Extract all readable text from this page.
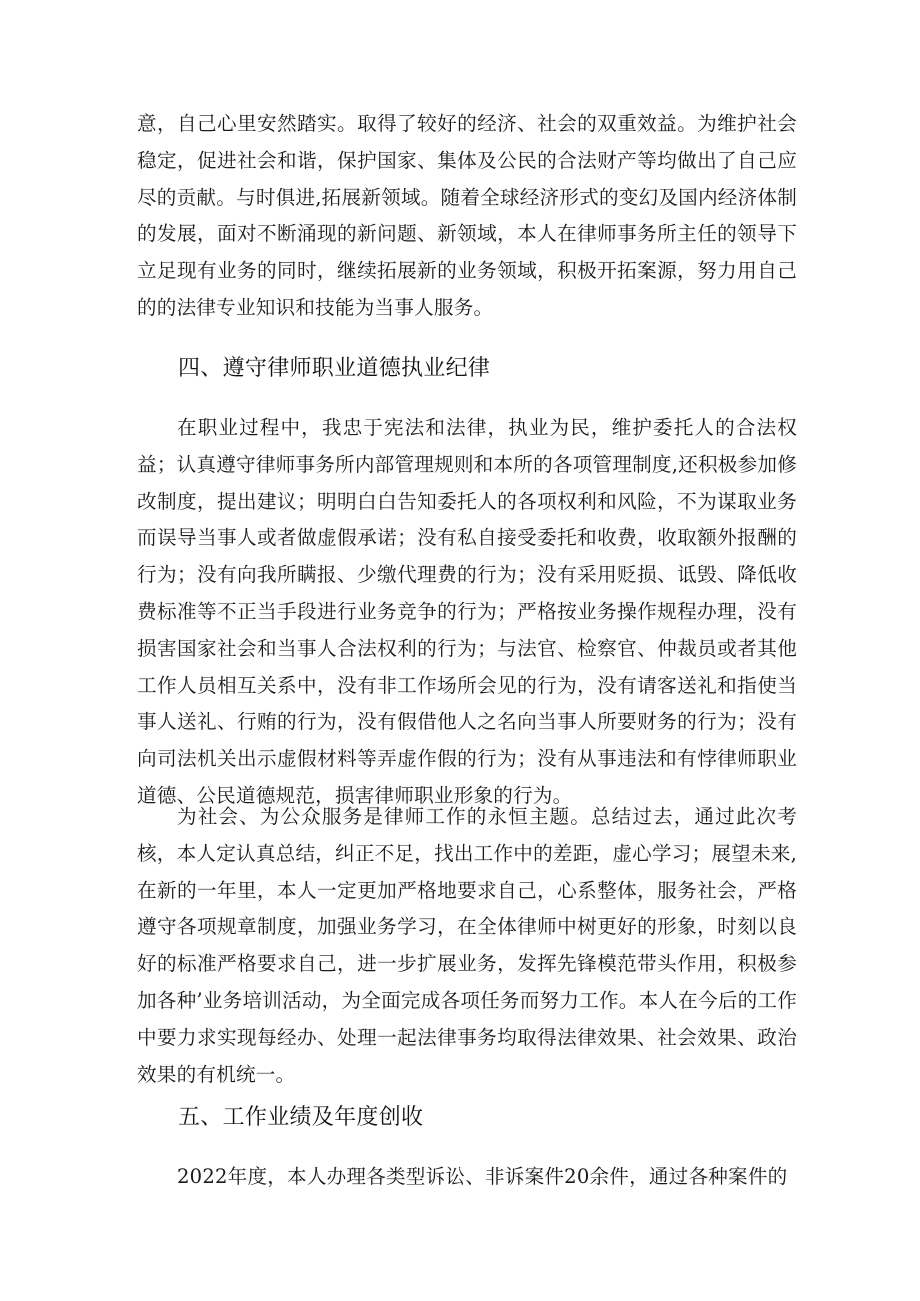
意，自己心里安然踏实。取得了较好的经济、社会的双重效益。为维护社会稳定，促进社会和谐，保护国家、集体及公民的合法财产等均做出了自己应尽的贡献。与时俱进,拓展新领域。随着全球经济形式的变幻及国内经济体制的发展，面对不断涌现的新问题、新领域，本人在律师事务所主任的领导下立足现有业务的同时，继续拓展新的业务领域，积极开拓案源，努力用自己的的法律专业知识和技能为当事人服务。

四、遵守律师职业道德执业纪律

在职业过程中，我忠于宪法和法律，执业为民，维护委托人的合法权益；认真遵守律师事务所内部管理规则和本所的各项管理制度,还积极参加修改制度，提出建议；明明白白告知委托人的各项权利和风险，不为谋取业务而误导当事人或者做虚假承诺；没有私自接受委托和收费，收取额外报酬的行为；没有向我所瞒报、少缴代理费的行为；没有采用贬损、诋毁、降低收费标准等不正当手段进行业务竞争的行为；严格按业务操作规程办理，没有损害国家社会和当事人合法权利的行为；与法官、检察官、仲裁员或者其他工作人员相互关系中，没有非工作场所会见的行为，没有请客送礼和指使当事人送礼、行贿的行为，没有假借他人之名向当事人所要财务的行为；没有向司法机关出示虚假材料等弄虚作假的行为；没有从事违法和有悖律师职业道德、公民道德规范，损害律师职业形象的行为。

为社会、为公众服务是律师工作的永恒主题。总结过去，通过此次考核，本人定认真总结，纠正不足，找出工作中的差距，虚心学习；展望未来,在新的一年里，本人一定更加严格地要求自己，心系整体，服务社会，严格遵守各项规章制度，加强业务学习，在全体律师中树更好的形象，时刻以良好的标准严格要求自己，进一步扩展业务，发挥先锋模范带头作用，积极参加各种’业务培训活动，为全面完成各项任务而努力工作。本人在今后的工作中要力求实现每经办、处理一起法律事务均取得法律效果、社会效果、政治效果的有机统一。

五、工作业绩及年度创收

2022年度，本人办理各类型诉讼、非诉案件20余件，通过各种案件的
